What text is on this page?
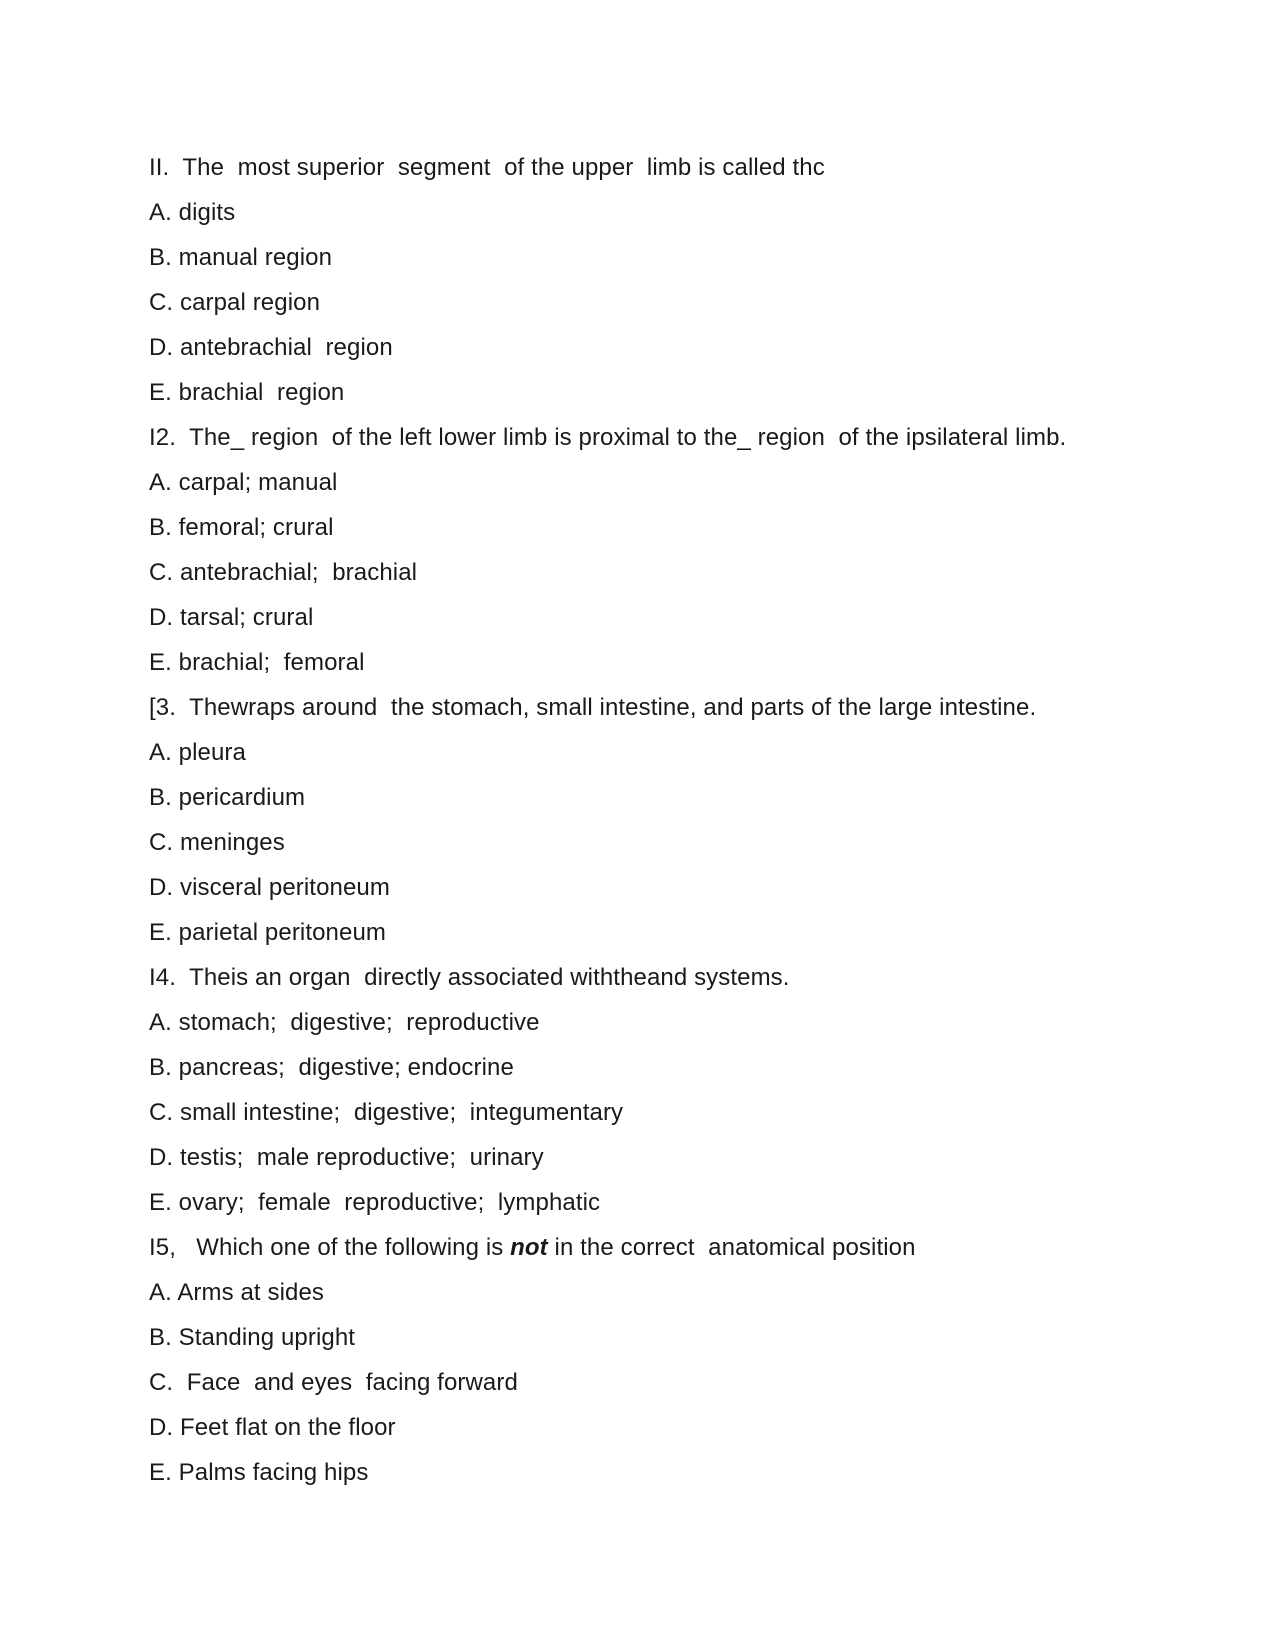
II.  The  most superior  segment  of the upper  limb is called thc
A. digits
B. manual region
C. carpal region
D. antebrachial  region
E. brachial  region
I2.  The_ region  of the left lower limb is proximal to the_ region  of the ipsilateral limb.
A. carpal; manual
B. femoral; crural
C. antebrachial;  brachial
D. tarsal; crural
E. brachial;  femoral
[3.  Thewraps around  the stomach, small intestine, and parts of the large intestine.
A. pleura
B. pericardium
C. meninges
D. visceral peritoneum
E. parietal peritoneum
I4.  Theis an organ  directly associated withtheand systems.
A. stomach;  digestive;  reproductive
B. pancreas;  digestive; endocrine
C. small intestine;  digestive;  integumentary
D. testis;  male reproductive;  urinary
E. ovary;  female  reproductive;  lymphatic
I5,   Which one of the following is not in the correct  anatomical position
A. Arms at sides
B. Standing upright
C.  Face  and eyes  facing forward
D. Feet flat on the floor
E. Palms facing hips
